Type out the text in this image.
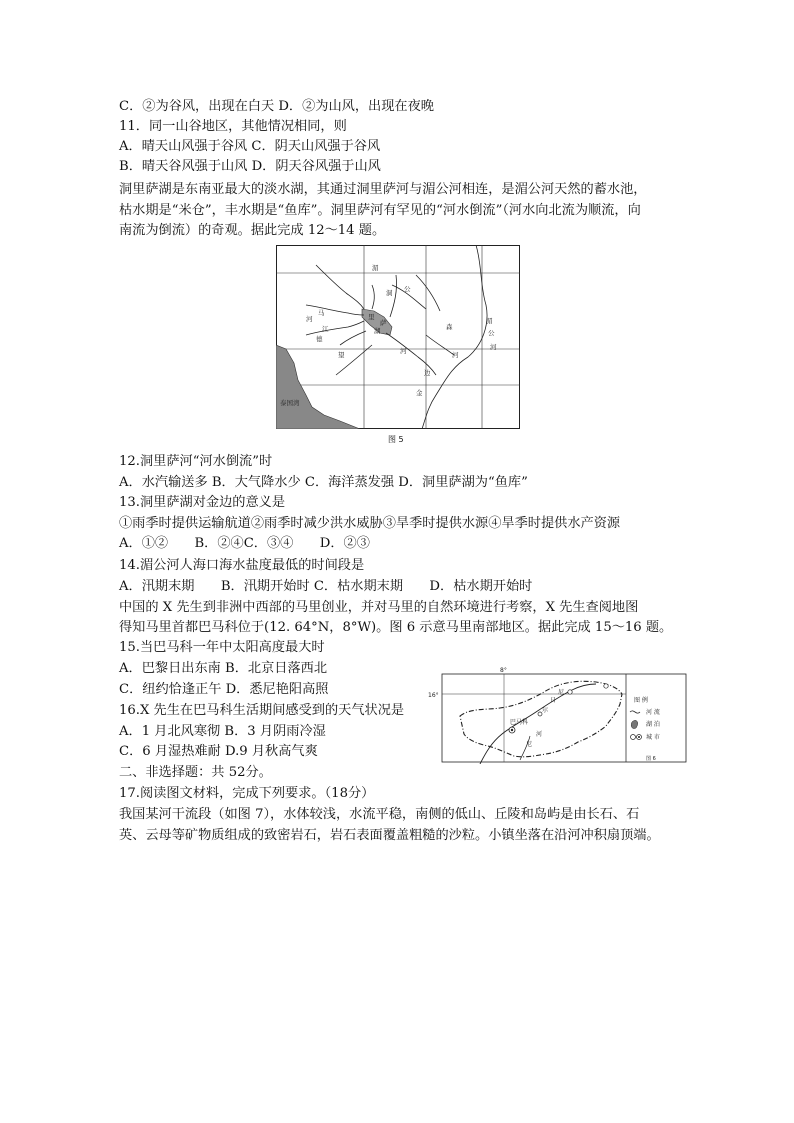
C．②为谷风，出现在白天 D．②为山风，出现在夜晚
11．同一山谷地区，其他情况相同，则
A．晴天山风强于谷风 C．阴天山风强于谷风
B．晴天谷风强于山风 D．阴天谷风强于山风
洞里萨湖是东南亚最大的淡水湖，其通过洞里萨河与湄公河相连，是湄公河天然的蓄水池，
枯水期是“米仓”，丰水期是“鱼库”。洞里萨河有罕见的“河水倒流”（河水向北流为顺流，向
南流为倒流）的奇观。据此完成 12～14 题。
湄
洞
里
萨
湖
河
马
德
望
森
河
金
边
湄
公
河
泰国湾
河
江
公
图 5
12.洞里萨河“河水倒流”时
A．水汽输送多 B．大气降水少 C．海洋蒸发强 D．洞里萨湖为“鱼库”
13.洞里萨湖对金边的意义是
①雨季时提供运输航道②雨季时减少洪水威胁③旱季时提供水源④旱季时提供水产资源
A．①②　　B．②④C．③④　　D．②③
14.湄公河人海口海水盐度最低的时间段是
A．汛期末期　　B．汛期开始时 C．枯水期末期　　D．枯水期开始时
中国的 X 先生到非洲中西部的马里创业，并对马里的自然环境进行考察，X 先生查阅地图
得知马里首都巴马科位于(12. 64°N，8°W)。图 6 示意马里南部地区。据此完成 15～16 题。
15.当巴马科一年中太阳高度最大时
A．巴黎日出东南 B．北京日落西北
C．纽约恰逢正午 D．悉尼艳阳高照
16.X 先生在巴马科生活期间感受到的天气状况是
A．1 月北风寒彻 B．3 月阴雨冷湿
C．6 月湿热难耐 D.9 月秋高气爽
二、非选择题：共 52分。
17.阅读图文材料，完成下列要求。（18分）
我国某河干流段（如图 7），水体较浅，水流平稳，南侧的低山、丘陵和岛屿是由长石、石
英、云母等矿物质组成的致密岩石，岩石表面覆盖粗糙的沙粒。小镇坐落在沿河冲积扇顶端。
8°
16°	尼
日
尔
巴马科
河
尼
图 例
河 流
湖 泊
城 市
图 6
